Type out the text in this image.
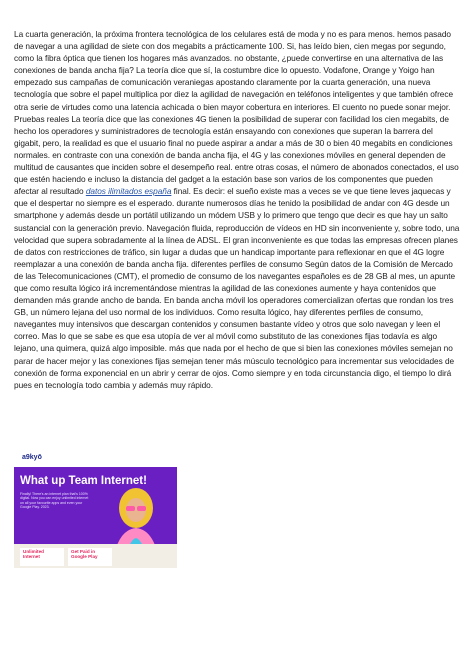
La cuarta generación, la próxima frontera tecnológica de los celulares está de moda y no es para menos. hemos pasado de navegar a una agilidad de siete con dos megabits a prácticamente 100. Si, has leído bien, cien megas por segundo, como la fibra óptica que tienen los hogares más avanzados. no obstante, ¿puede convertirse en una alternativa de las conexiones de banda ancha fija? La teoría dice que sí, la costumbre dice lo opuesto. Vodafone, Orange y Yoigo han empezado sus campañas de comunicación veraniegas apostando claramente por la cuarta generación, una nueva tecnología que sobre el papel multiplica por diez la agilidad de navegación en teléfonos inteligentes y que también ofrece otra serie de virtudes como una latencia achicada o bien mayor cobertura en interiores. El cuento no puede sonar mejor. Pruebas reales La teoría dice que las conexiones 4G tienen la posibilidad de superar con facilidad los cien megabits, de hecho los operadores y suministradores de tecnología están ensayando con conexiones que superan la barrera del gigabit, pero, la realidad es que el usuario final no puede aspirar a andar a más de 30 o bien 40 megabits en condiciones normales. en contraste con una conexión de banda ancha fija, el 4G y las conexiones móviles en general dependen de multitud de causantes que inciden sobre el desempeño real. entre otras cosas, el número de abonados conectados, el uso que estén haciendo e incluso la distancia del gadget a la estación base son varios de los componentes que pueden afectar al resultado datos ilimitados españa final. Es decir: el sueño existe mas a veces se ve que tiene leves jaquecas y que el despertar no siempre es el esperado. durante numerosos días he tenido la posibilidad de andar con 4G desde un smartphone y además desde un portátil utilizando un módem USB y lo primero que tengo que decir es que hay un salto sustancial con la generación previo. Navegación fluida, reproducción de vídeos en HD sin inconveniente y, sobre todo, una velocidad que supera sobradamente al la línea de ADSL. El gran inconveniente es que todas las empresas ofrecen planes de datos con restricciones de tráfico, sin lugar a dudas que un handicap importante para reflexionar en que el 4G logre reemplazar a una conexión de banda ancha fija. diferentes perfiles de consumo Según datos de la Comisión de Mercado de las Telecomunicaciones (CMT), el promedio de consumo de los navegantes españoles es de 28 GB al mes, un apunte que como resulta lógico irá incrementándose mientras la agilidad de las conexiones aumente y haya contenidos que demanden más grande ancho de banda. En banda ancha móvil los operadores comercializan ofertas que rondan los tres GB, un número lejana del uso normal de los individuos. Como resulta lógico, hay diferentes perfiles de consumo, navegantes muy intensivos que descargan contenidos y consumen bastante vídeo y otros que solo navegan y leen el correo. Mas lo que se sabe es que esa utopía de ver al móvil como substituto de las conexiones fijas todavía es algo lejano, una quimera, quizá algo imposible. más que nada por el hecho de que si bien las conexiones móviles semejan no parar de hacer mejor y las conexiones fijas semejan tener más músculo tecnológico para incrementar sus velocidades de conexión de forma exponencial en un abrir y cerrar de ojos. Como siempre y en toda circunstancia digo, el tiempo lo dirá pues en tecnología todo cambia y además muy rápido.

a9kyō
What up Team Internet!
Finally! There's an internet plan that's 100% digital. Now you can enjoy unlimited internet on all your favourite apps and even your Google Play. 2023.
Unlimited Internet
Get Paid in Google Play
